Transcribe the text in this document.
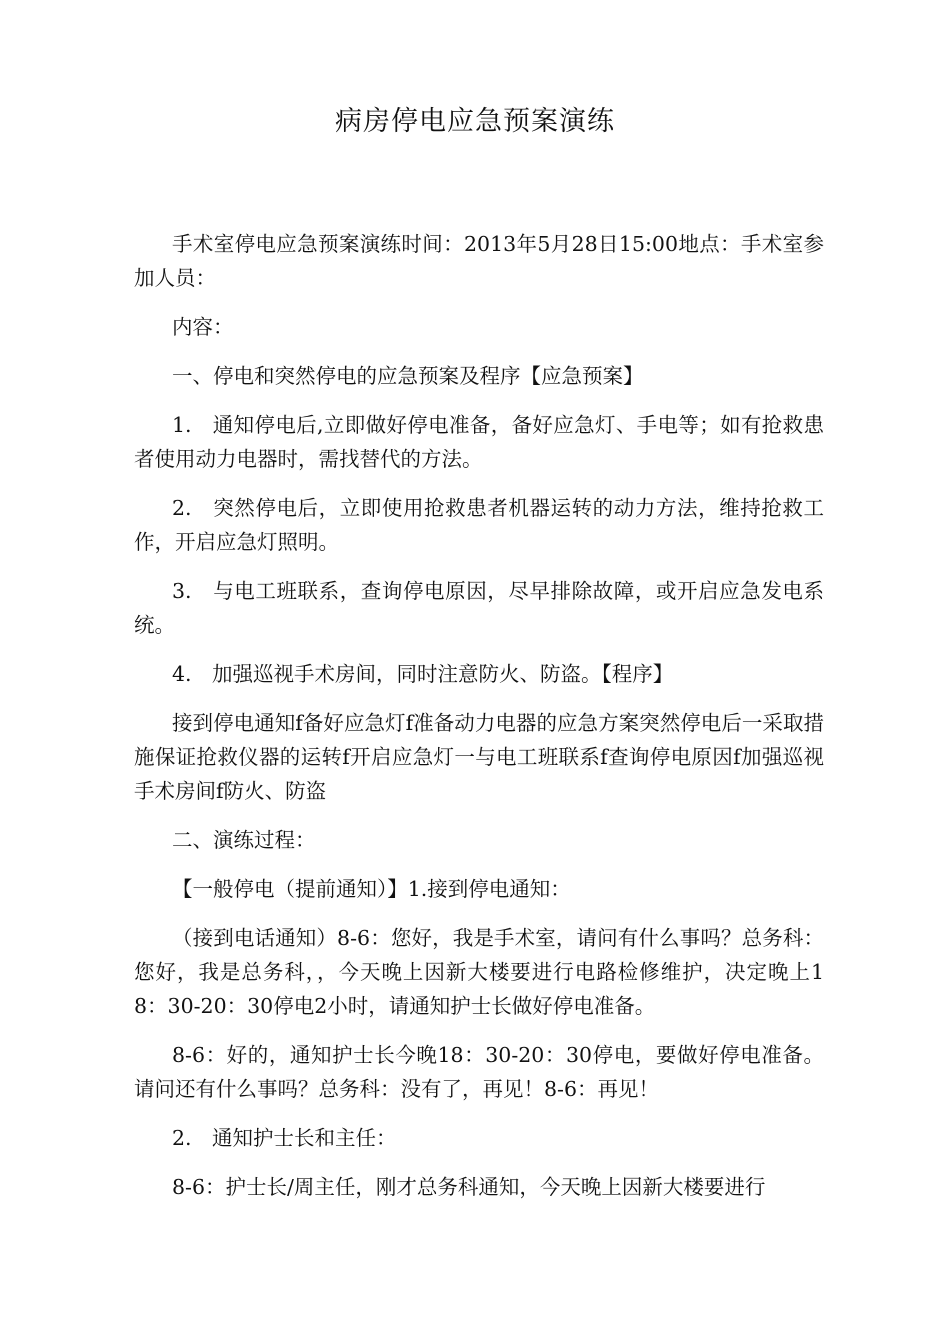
病房停电应急预案演练

手术室停电应急预案演练时间：2013年5月28日15:00地点：手术室参加人员：

内容：

一、停电和突然停电的应急预案及程序【应急预案】

1.　通知停电后,立即做好停电准备，备好应急灯、手电等；如有抢救患者使用动力电器时，需找替代的方法。

2.　突然停电后，立即使用抢救患者机器运转的动力方法，维持抢救工作，开启应急灯照明。

3.　与电工班联系，查询停电原因，尽早排除故障，或开启应急发电系统。

4.　加强巡视手术房间，同时注意防火、防盗。【程序】

接到停电通知f备好应急灯f准备动力电器的应急方案突然停电后一采取措施保证抢救仪器的运转f开启应急灯一与电工班联系f查询停电原因f加强巡视手术房间f防火、防盗

二、演练过程：

【一般停电（提前通知）】1.接到停电通知：

（接到电话通知）8-6：您好，我是手术室，请问有什么事吗？总务科：您好，我是总务科，，今天晚上因新大楼要进行电路检修维护，决定晚上18：30-20：30停电2小时，请通知护士长做好停电准备。

8-6：好的，通知护士长今晚18：30-20：30停电，要做好停电准备。请问还有什么事吗？总务科：没有了，再见！8-6：再见！

2.　通知护士长和主任：

8-6：护士长/周主任，刚才总务科通知，今天晚上因新大楼要进行
